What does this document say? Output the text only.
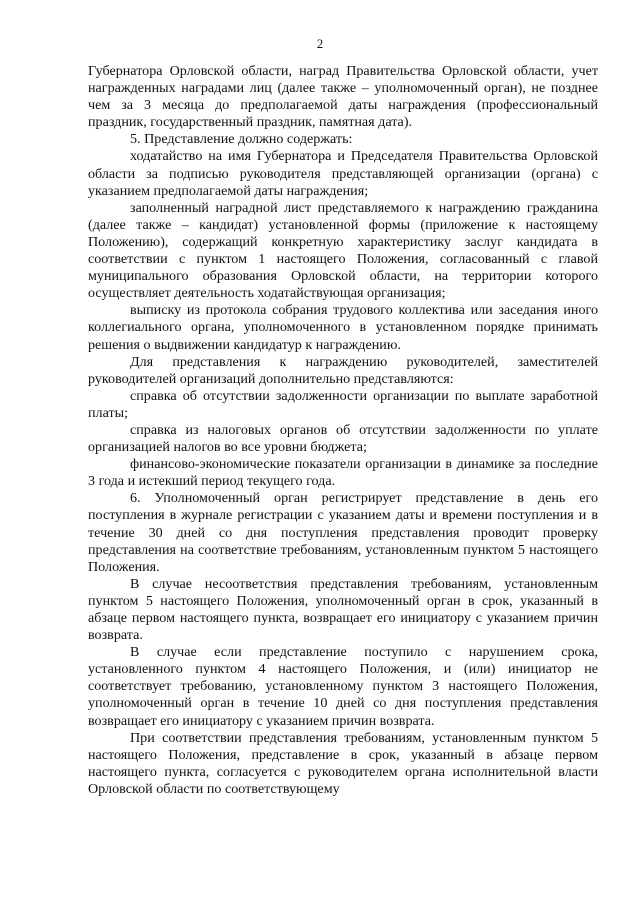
2

Губернатора Орловской области, наград Правительства Орловской области, учет награжденных наградами лиц (далее также – уполномоченный орган), не позднее чем за 3 месяца до предполагаемой даты награждения (профессиональный праздник, государственный праздник, памятная дата).

5. Представление должно содержать:

ходатайство на имя Губернатора и Председателя Правительства Орловской области за подписью руководителя представляющей организации (органа) с указанием предполагаемой даты награждения;

заполненный наградной лист представляемого к награждению гражданина (далее также – кандидат) установленной формы (приложение к настоящему Положению), содержащий конкретную характеристику заслуг кандидата в соответствии с пунктом 1 настоящего Положения, согласованный с главой муниципального образования Орловской области, на территории которого осуществляет деятельность ходатайствующая организация;

выписку из протокола собрания трудового коллектива или заседания иного коллегиального органа, уполномоченного в установленном порядке принимать решения о выдвижении кандидатур к награждению.

Для представления к награждению руководителей, заместителей руководителей организаций дополнительно представляются:

справка об отсутствии задолженности организации по выплате заработной платы;

справка из налоговых органов об отсутствии задолженности по уплате организацией налогов во все уровни бюджета;

финансово-экономические показатели организации в динамике за последние 3 года и истекший период текущего года.

6. Уполномоченный орган регистрирует представление в день его поступления в журнале регистрации с указанием даты и времени поступления и в течение 30 дней со дня поступления представления проводит проверку представления на соответствие требованиям, установленным пунктом 5 настоящего Положения.

В случае несоответствия представления требованиям, установленным пунктом 5 настоящего Положения, уполномоченный орган в срок, указанный в абзаце первом настоящего пункта, возвращает его инициатору с указанием причин возврата.

В случае если представление поступило с нарушением срока, установленного пунктом 4 настоящего Положения, и (или) инициатор не соответствует требованию, установленному пунктом 3 настоящего Положения, уполномоченный орган в течение 10 дней со дня поступления представления возвращает его инициатору с указанием причин возврата.

При соответствии представления требованиям, установленным пунктом 5 настоящего Положения, представление в срок, указанный в абзаце первом настоящего пункта, согласуется с руководителем органа исполнительной власти Орловской области по соответствующему
